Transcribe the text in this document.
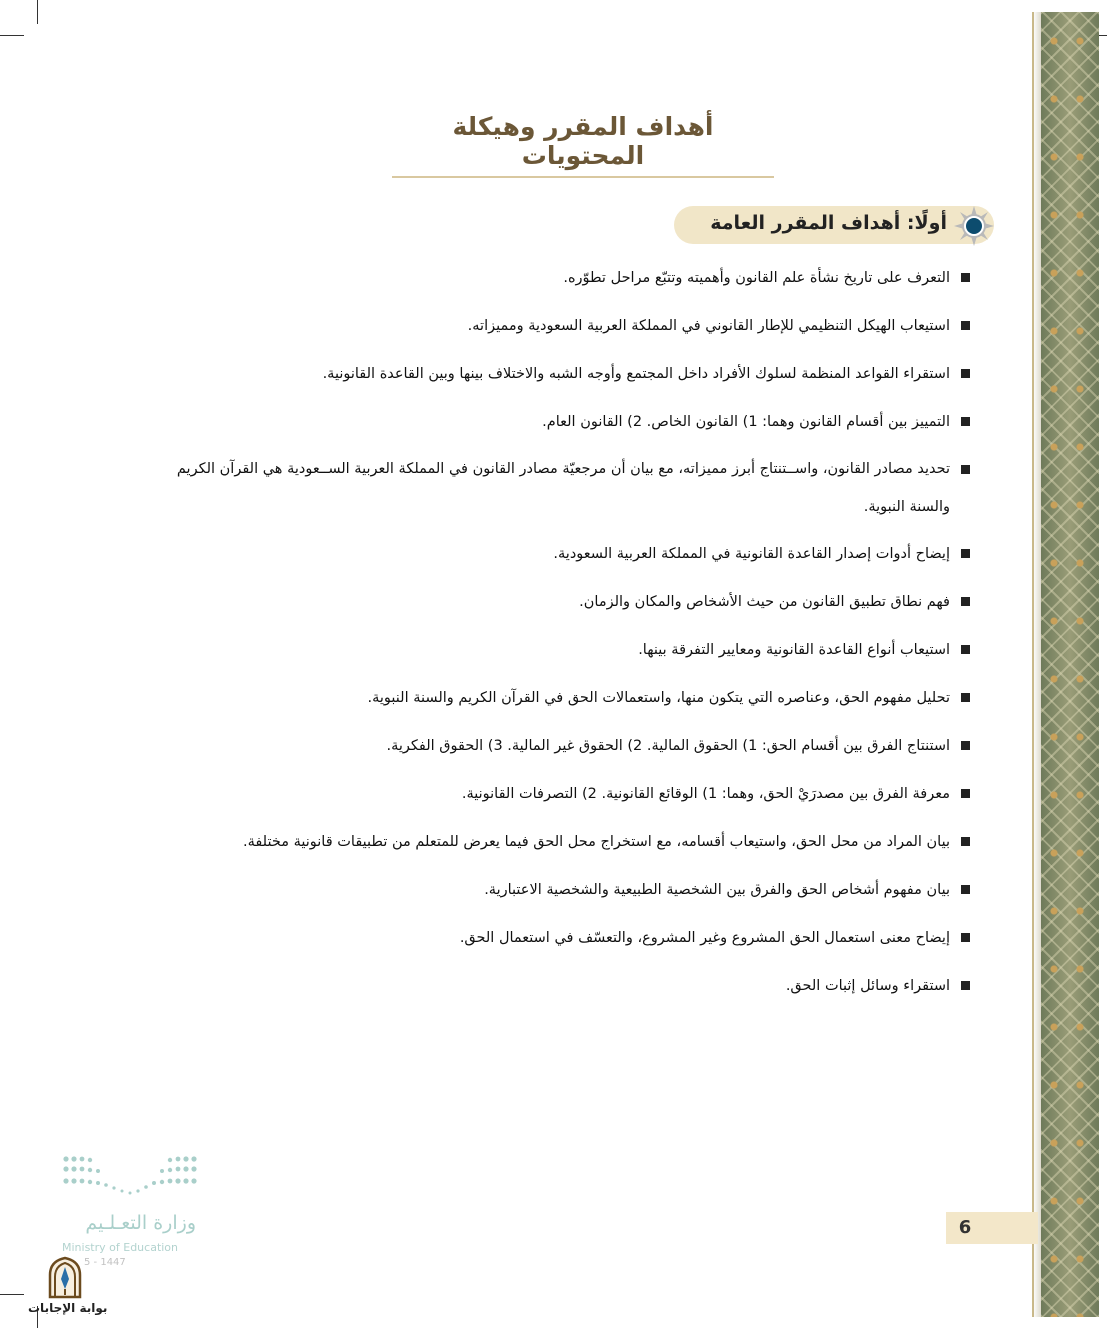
أهداف المقرر وهيكلة المحتويات
أولًا: أهداف المقرر العامة
التعرف على تاريخ نشأة علم القانون وأهميته وتتبّع مراحل تطوّره.
استيعاب الهيكل التنظيمي للإطار القانوني في المملكة العربية السعودية ومميزاته.
استقراء القواعد المنظمة لسلوك الأفراد داخل المجتمع وأوجه الشبه والاختلاف بينها وبين القاعدة القانونية.
التمييز بين أقسام القانون وهما: 1) القانون الخاص. 2) القانون العام.
تحديد مصادر القانون، واســتنتاج أبرز مميزاته، مع بيان أن مرجعيّة مصادر القانون في المملكة العربية الســعودية هي القرآن الكريم والسنة النبوية.
إيضاح أدوات إصدار القاعدة القانونية في المملكة العربية السعودية.
فهم نطاق تطبيق القانون من حيث الأشخاص والمكان والزمان.
استيعاب أنواع القاعدة القانونية ومعايير التفرقة بينها.
تحليل مفهوم الحق، وعناصره التي يتكون منها، واستعمالات الحق في القرآن الكريم والسنة النبوية.
استنتاج الفرق بين أقسام الحق: 1) الحقوق المالية. 2) الحقوق غير المالية. 3) الحقوق الفكرية.
معرفة الفرق بين مصدرَيْ الحق، وهما: 1) الوقائع القانونية. 2) التصرفات القانونية.
بيان المراد من محل الحق، واستيعاب أقسامه، مع استخراج محل الحق فيما يعرض للمتعلم من تطبيقات قانونية مختلفة.
بيان مفهوم أشخاص الحق والفرق بين الشخصية الطبيعية والشخصية الاعتبارية.
إيضاح معنى استعمال الحق المشروع وغير المشروع، والتعسّف في استعمال الحق.
استقراء وسائل إثبات الحق.
6
وزارة التعـلـيم
Ministry of Education
5 - 1447
بوابة الإجابات
